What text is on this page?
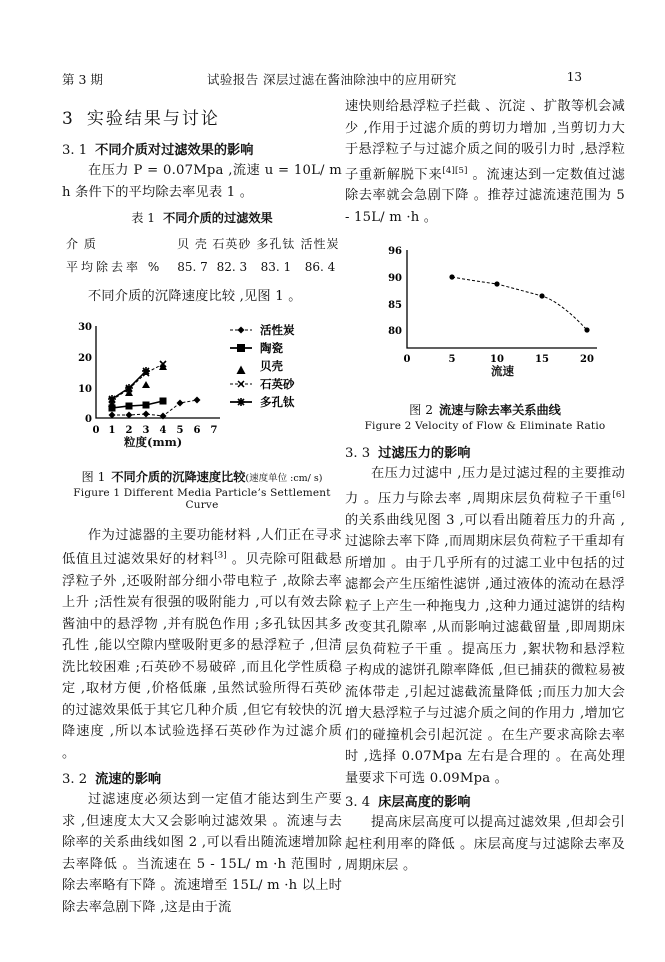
第 3 期	试验报告 深层过滤在酱油除浊中的应用研究	13
3 实验结果与讨论
3. 1 不同介质对过滤效果的影响

在压力 P = 0.07Mpa ,流速 u = 10L/ m h 条件下的平均除去率见表 1 。

表 1 不同介质的过滤效果
介 质	贝 壳	石英砂	多孔钛	活性炭
平均除去率 %	85. 7	82. 3	83. 1	86. 4

不同介质的沉降速度比较 ,见图 1 。

30
20
10
0
0 1 2 3 4 5 6 7
活性炭
陶瓷
贝壳
石英砂
多孔钛
粒度(mm)
图 1 不同介质的沉降速度比较(速度单位 :cm/ s)
Figure 1 Different Media Particle’s Settlement Curve

作为过滤器的主要功能材料 ,人们正在寻求低值且过滤效果好的材料[3] 。贝壳除可阻截悬浮粒子外 ,还吸附部分细小带电粒子 ,故除去率上升 ;活性炭有很强的吸附能力 ,可以有效去除酱油中的悬浮物 ,并有脱色作用 ;多孔钛因其多孔性 ,能以空隙内壁吸附更多的悬浮粒子 ,但清洗比较困难 ;石英砂不易破碎 ,而且化学性质稳定 ,取材方便 ,价格低廉 ,虽然试验所得石英砂的过滤效果低于其它几种介质 ,但它有较快的沉降速度 ,所以本试验选择石英砂作为过滤介质 。

3. 2 流速的影响

过滤速度必须达到一定值才能达到生产要求 ,但速度太大又会影响过滤效果 。流速与去除率的关系曲线如图 2 ,可以看出随流速增加除去率降低 。当流速在 5 - 15L/ m ·h 范围时 ,除去率略有下降 。流速增至 15L/ m ·h 以上时除去率急剧下降 ,这是由于流

速快则给悬浮粒子拦截 、沉淀 、扩散等机会减少 ,作用于过滤介质的剪切力增加 ,当剪切力大于悬浮粒子与过滤介质之间的吸引力时 ,悬浮粒子重新解脱下来[4][5] 。流速达到一定数值过滤除去率就会急剧下降 。推荐过滤流速范围为 5 - 15L/ m ·h 。

96
90
85
80
0	5	10	15	20
流速
图 2 流速与除去率关系曲线
Figure 2 Velocity of Flow & Eliminate Ratio
3. 3 过滤压力的影响

在压力过滤中 ,压力是过滤过程的主要推动力 。压力与除去率 ,周期床层负荷粒子干重[6]的关系曲线见图 3 ,可以看出随着压力的升高 ,过滤除去率下降 ,而周期床层负荷粒子干重却有所增加 。由于几乎所有的过滤工业中包括的过滤都会产生压缩性滤饼 ,通过液体的流动在悬浮粒子上产生一种拖曳力 ,这种力通过滤饼的结构改变其孔隙率 ,从而影响过滤截留量 ,即周期床层负荷粒子干重 。提高压力 ,絮状物和悬浮粒子构成的滤饼孔隙率降低 ,但已捕获的微粒易被流体带走 ,引起过滤截流量降低 ;而压力加大会增大悬浮粒子与过滤介质之间的作用力 ,增加它们的碰撞机会引起沉淀 。在生产要求高除去率时 ,选择 0.07Mpa 左右是合理的 。在高处理量要求下可选 0.09Mpa 。

3. 4 床层高度的影响

提高床层高度可以提高过滤效果 ,但却会引起柱利用率的降低 。床层高度与过滤除去率及周期床层 。
